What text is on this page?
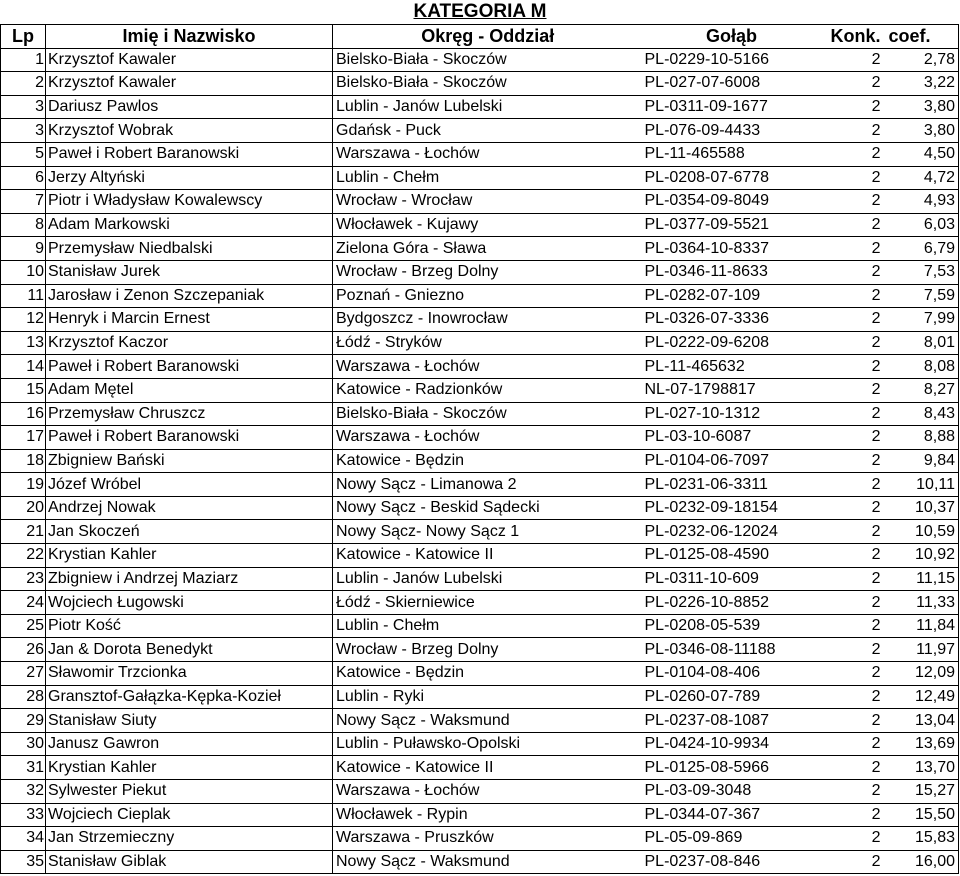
KATEGORIA M
Lp	Imię i Nazwisko	Okręg - Oddział	Gołąb	Konk.	coef.
1	Krzysztof Kawaler	Bielsko-Biała - Skoczów	PL-0229-10-5166	2	2,78
2	Krzysztof Kawaler	Bielsko-Biała - Skoczów	PL-027-07-6008	2	3,22
3	Dariusz Pawlos	Lublin - Janów Lubelski	PL-0311-09-1677	2	3,80
3	Krzysztof Wobrak	Gdańsk - Puck	PL-076-09-4433	2	3,80
5	Paweł i Robert Baranowski	Warszawa - Łochów	PL-11-465588	2	4,50
6	Jerzy Altyński	Lublin - Chełm	PL-0208-07-6778	2	4,72
7	Piotr i Władysław Kowalewscy	Wrocław - Wrocław	PL-0354-09-8049	2	4,93
8	Adam Markowski	Włocławek - Kujawy	PL-0377-09-5521	2	6,03
9	Przemysław Niedbalski	Zielona Góra - Sława	PL-0364-10-8337	2	6,79
10	Stanisław Jurek	Wrocław - Brzeg Dolny	PL-0346-11-8633	2	7,53
11	Jarosław i Zenon Szczepaniak	Poznań - Gniezno	PL-0282-07-109	2	7,59
12	Henryk i Marcin Ernest	Bydgoszcz - Inowrocław	PL-0326-07-3336	2	7,99
13	Krzysztof Kaczor	Łódź - Stryków	PL-0222-09-6208	2	8,01
14	Paweł i Robert Baranowski	Warszawa - Łochów	PL-11-465632	2	8,08
15	Adam Mętel	Katowice - Radzionków	NL-07-1798817	2	8,27
16	Przemysław Chruszcz	Bielsko-Biała - Skoczów	PL-027-10-1312	2	8,43
17	Paweł i Robert Baranowski	Warszawa - Łochów	PL-03-10-6087	2	8,88
18	Zbigniew Bański	Katowice - Będzin	PL-0104-06-7097	2	9,84
19	Józef Wróbel	Nowy Sącz - Limanowa 2	PL-0231-06-3311	2	10,11
20	Andrzej Nowak	Nowy Sącz - Beskid Sądecki	PL-0232-09-18154	2	10,37
21	Jan Skoczeń	Nowy Sącz- Nowy Sącz 1	PL-0232-06-12024	2	10,59
22	Krystian Kahler	Katowice - Katowice II	PL-0125-08-4590	2	10,92
23	Zbigniew i Andrzej Maziarz	Lublin - Janów Lubelski	PL-0311-10-609	2	11,15
24	Wojciech Ługowski	Łódź - Skierniewice	PL-0226-10-8852	2	11,33
25	Piotr Kość	Lublin - Chełm	PL-0208-05-539	2	11,84
26	Jan & Dorota Benedykt	Wrocław - Brzeg Dolny	PL-0346-08-11188	2	11,97
27	Sławomir Trzcionka	Katowice - Będzin	PL-0104-08-406	2	12,09
28	Gransztof-Gałązka-Kępka-Kozieł	Lublin - Ryki	PL-0260-07-789	2	12,49
29	Stanisław Siuty	Nowy Sącz - Waksmund	PL-0237-08-1087	2	13,04
30	Janusz Gawron	Lublin - Puławsko-Opolski	PL-0424-10-9934	2	13,69
31	Krystian Kahler	Katowice - Katowice II	PL-0125-08-5966	2	13,70
32	Sylwester Piekut	Warszawa - Łochów	PL-03-09-3048	2	15,27
33	Wojciech Cieplak	Włocławek - Rypin	PL-0344-07-367	2	15,50
34	Jan Strzemieczny	Warszawa - Pruszków	PL-05-09-869	2	15,83
35	Stanisław Giblak	Nowy Sącz - Waksmund	PL-0237-08-846	2	16,00
